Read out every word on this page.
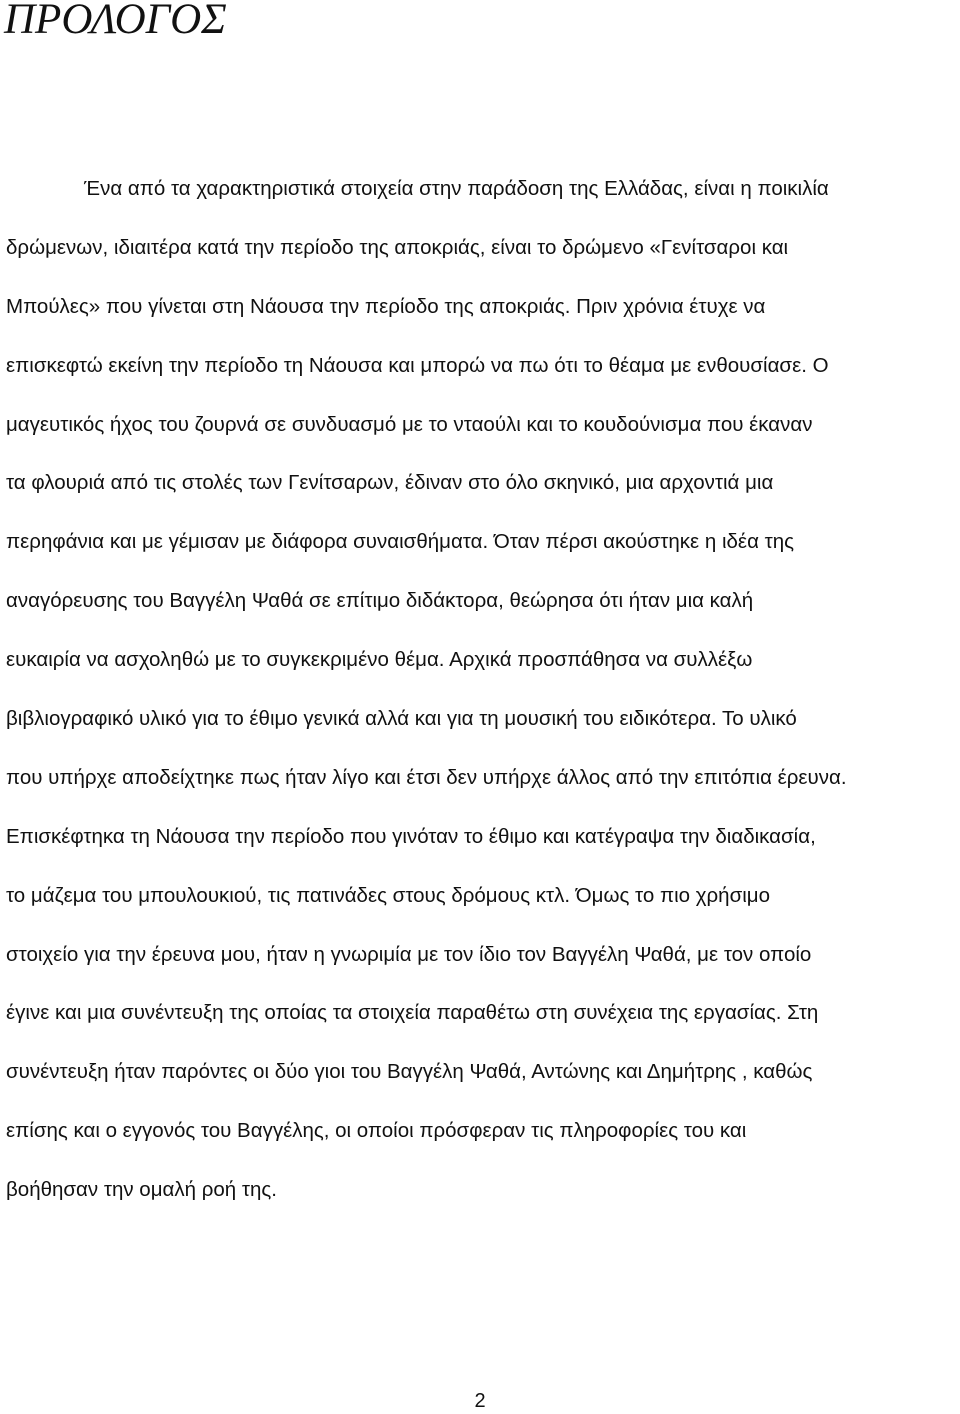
ΠΡΟΛΟΓΟΣ
Ένα από τα χαρακτηριστικά στοιχεία στην παράδοση της Ελλάδας, είναι η ποικιλία
δρώμενων, ιδιαιτέρα κατά την περίοδο της αποκριάς, είναι το δρώμενο «Γενίτσαροι και
Μπούλες» που γίνεται στη Νάουσα την περίοδο της αποκριάς. Πριν χρόνια έτυχε να
επισκεφτώ εκείνη την περίοδο τη Νάουσα και μπορώ να πω ότι το θέαμα με ενθουσίασε. Ο
μαγευτικός ήχος του ζουρνά σε συνδυασμό με το νταούλι και το κουδούνισμα που έκαναν
τα φλουριά από τις στολές των Γενίτσαρων, έδιναν στο όλο σκηνικό, μια αρχοντιά μια
περηφάνια και με γέμισαν με διάφορα συναισθήματα. Όταν πέρσι ακούστηκε η ιδέα της
αναγόρευσης του Βαγγέλη Ψαθά σε επίτιμο διδάκτορα, θεώρησα ότι ήταν μια καλή
ευκαιρία να ασχοληθώ με το συγκεκριμένο θέμα. Αρχικά προσπάθησα να συλλέξω
βιβλιογραφικό υλικό για το έθιμο γενικά αλλά και για τη μουσική του ειδικότερα. Το υλικό
που υπήρχε αποδείχτηκε πως ήταν λίγο και έτσι δεν υπήρχε άλλος από την επιτόπια έρευνα.
Επισκέφτηκα τη Νάουσα την περίοδο που γινόταν το έθιμο και κατέγραψα την διαδικασία,
το μάζεμα του μπουλουκιού, τις πατινάδες στους δρόμους κτλ. Όμως το πιο χρήσιμο
στοιχείο για την έρευνα μου, ήταν η γνωριμία με τον ίδιο τον Βαγγέλη Ψαθά, με τον οποίο
έγινε και μια συνέντευξη της οποίας τα στοιχεία παραθέτω στη συνέχεια της εργασίας. Στη
συνέντευξη ήταν παρόντες οι δύο γιοι του Βαγγέλη Ψαθά, Αντώνης και Δημήτρης , καθώς
επίσης και ο εγγονός του Βαγγέλης, οι οποίοι πρόσφεραν τις πληροφορίες του και
βοήθησαν την ομαλή ροή της.
2
